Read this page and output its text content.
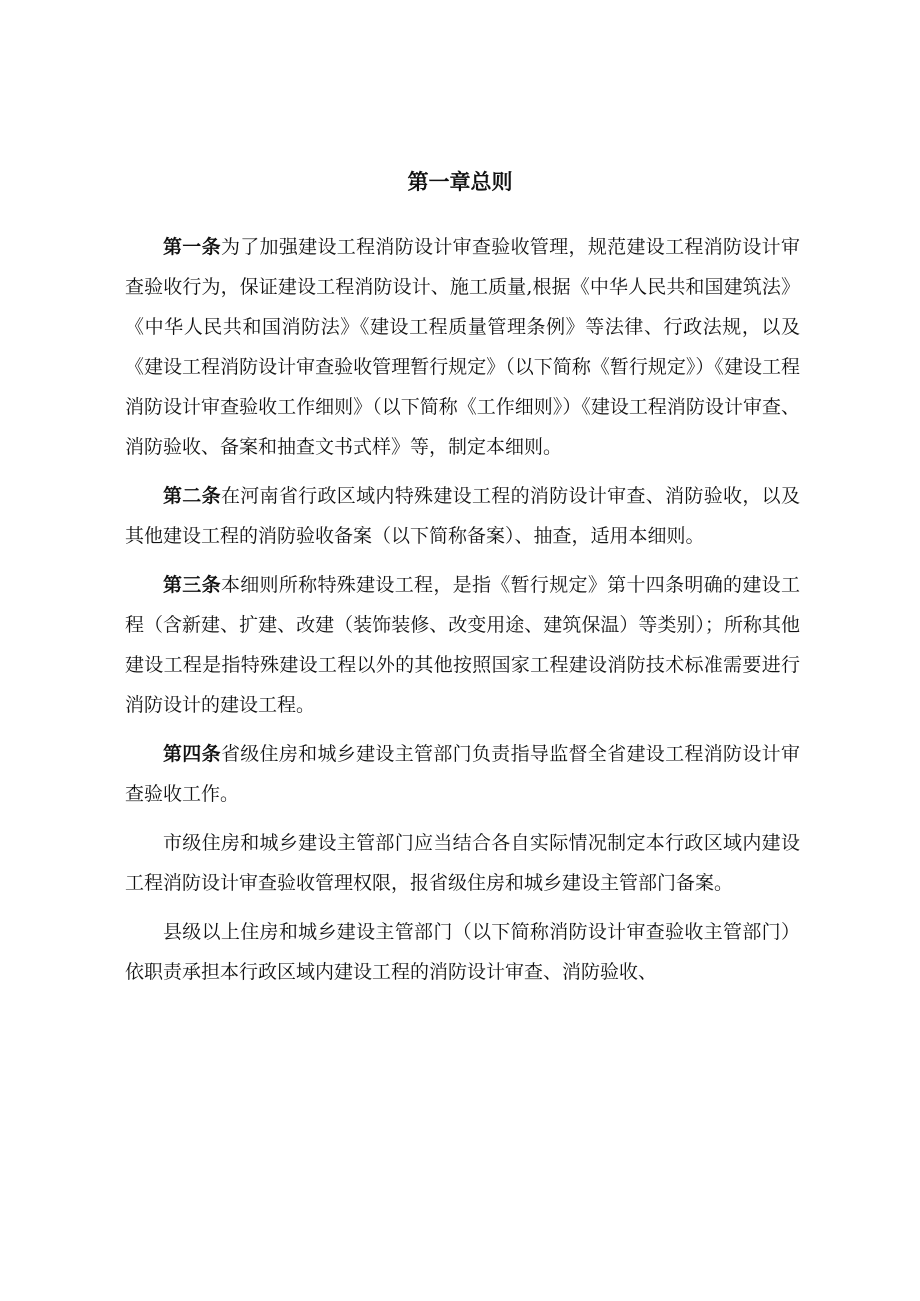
第一章总则

第一条为了加强建设工程消防设计审查验收管理，规范建设工程消防设计审查验收行为，保证建设工程消防设计、施工质量,根据《中华人民共和国建筑法》《中华人民共和国消防法》《建设工程质量管理条例》等法律、行政法规，以及《建设工程消防设计审查验收管理暂行规定》（以下简称《暂行规定》）《建设工程消防设计审查验收工作细则》（以下简称《工作细则》）《建设工程消防设计审查、消防验收、备案和抽查文书式样》等，制定本细则。

第二条在河南省行政区域内特殊建设工程的消防设计审查、消防验收，以及其他建设工程的消防验收备案（以下简称备案）、抽查，适用本细则。

第三条本细则所称特殊建设工程，是指《暂行规定》第十四条明确的建设工程（含新建、扩建、改建（装饰装修、改变用途、建筑保温）等类别）；所称其他建设工程是指特殊建设工程以外的其他按照国家工程建设消防技术标准需要进行消防设计的建设工程。

第四条省级住房和城乡建设主管部门负责指导监督全省建设工程消防设计审查验收工作。

市级住房和城乡建设主管部门应当结合各自实际情况制定本行政区域内建设工程消防设计审查验收管理权限，报省级住房和城乡建设主管部门备案。

县级以上住房和城乡建设主管部门（以下简称消防设计审查验收主管部门）依职责承担本行政区域内建设工程的消防设计审查、消防验收、
